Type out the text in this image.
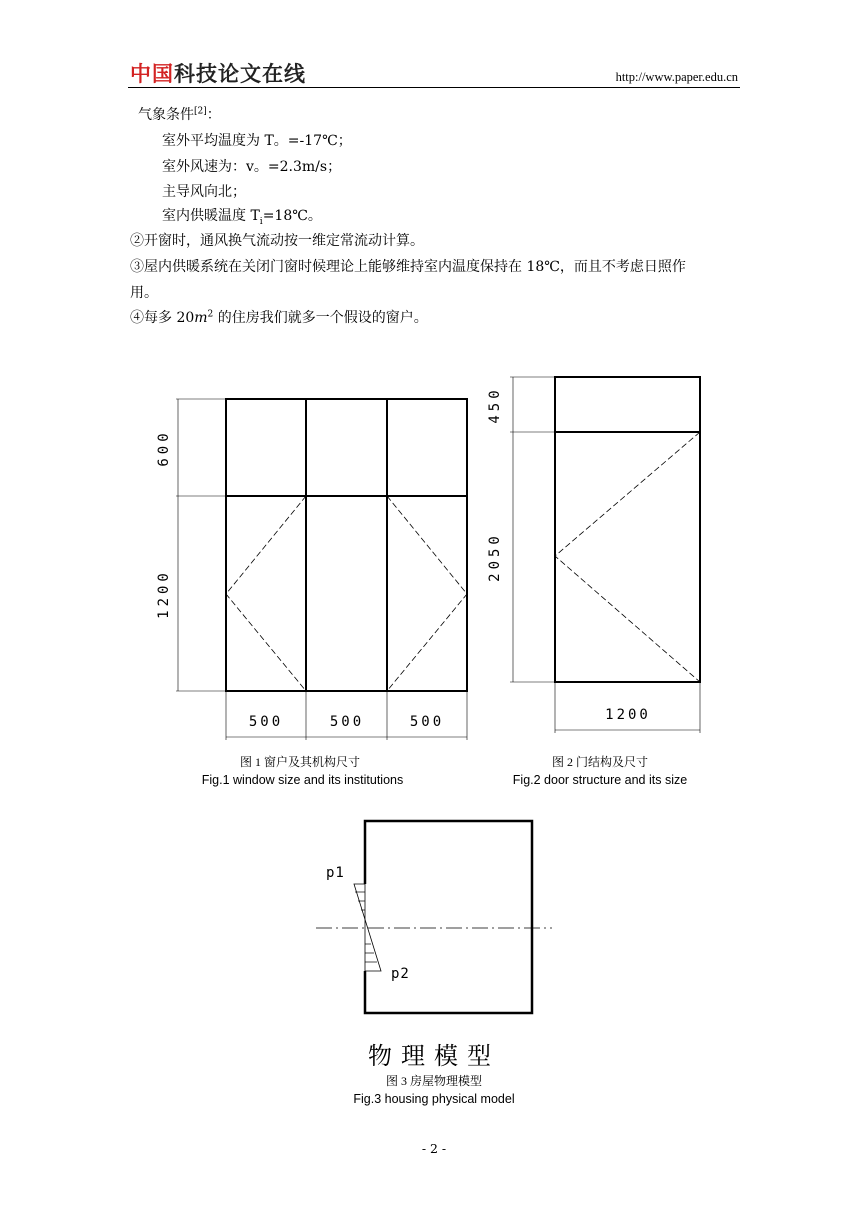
中国 科技论文在线	http://www.paper.edu.cn
气象条件[2]：
室外平均温度为 T。=-17℃；
室外风速为：v。=2.3m/s；
主导风向北；
室内供暖温度 $T_i=18℃$。
②开窗时，通风换气流动按一维定常流动计算。
③屋内供暖系统在关闭门窗时候理论上能够维持室内温度保持在 18℃，而且不考虑日照作
用。
④每多 $20m^2$ 的住房我们就多一个假设的窗户。
600
1200
500	500	500
450
2050
1200
p1
p2
图 1 窗户及其机构尺寸
Fig.1 window size and its institutions
图 2 门结构及尺寸
Fig.2 door structure and its size
物理模型
图 3 房屋物理模型
Fig.3 housing physical model
- 2 -
